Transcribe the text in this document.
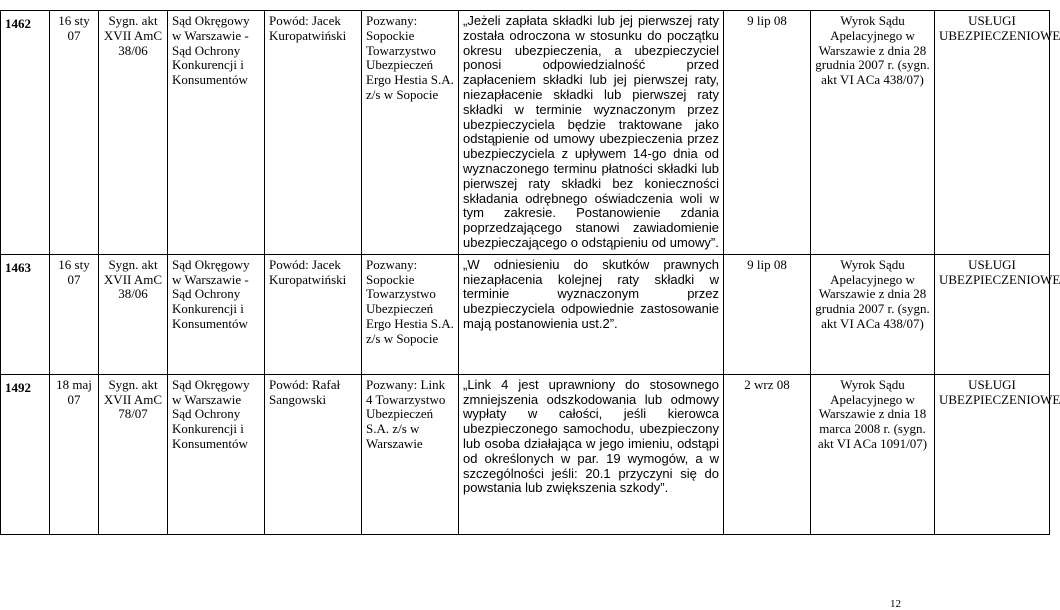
1462	16 sty 07	Sygn. akt XVII AmC 38/06	Sąd Okręgowy w Warszawie - Sąd Ochrony Konkurencji i Konsumentów	Powód: Jacek Kuropatwiński	Pozwany: Sopockie Towarzystwo Ubezpieczeń Ergo Hestia S.A. z/s w Sopocie	„Jeżeli zapłata składki lub jej pierwszej raty została odroczona w stosunku do początku okresu ubezpieczenia, a ubezpieczyciel ponosi odpowiedzialność przed zapłaceniem składki lub jej pierwszej raty, niezapłacenie składki lub pierwszej raty składki w terminie wyznaczonym przez ubezpieczyciela będzie traktowane jako odstąpienie od umowy ubezpieczenia przez ubezpieczyciela z upływem 14-go dnia od wyznaczonego terminu płatności składki lub pierwszej raty składki bez konieczności składania odrębnego oświadczenia woli w tym zakresie. Postanowienie zdania poprzedzającego stanowi zawiadomienie ubezpieczającego o odstąpieniu od umowy”.	9 lip 08	Wyrok Sądu Apelacyjnego w Warszawie z dnia 28 grudnia 2007 r. (sygn. akt VI ACa 438/07)	USŁUGI UBEZPIECZENIOWE
1463	16 sty 07	Sygn. akt XVII AmC 38/06	Sąd Okręgowy w Warszawie - Sąd Ochrony Konkurencji i Konsumentów	Powód: Jacek Kuropatwiński	Pozwany: Sopockie Towarzystwo Ubezpieczeń Ergo Hestia S.A. z/s w Sopocie	„W odniesieniu do skutków prawnych niezapłacenia kolejnej raty składki w terminie wyznaczonym przez ubezpieczyciela odpowiednie zastosowanie mają postanowienia ust.2”.	9 lip 08	Wyrok Sądu Apelacyjnego w Warszawie z dnia 28 grudnia 2007 r. (sygn. akt VI ACa 438/07)	USŁUGI UBEZPIECZENIOWE
1492	18 maj 07	Sygn. akt XVII AmC 78/07	Sąd Okręgowy w Warszawie Sąd Ochrony Konkurencji i Konsumentów	Powód: Rafał Sangowski	Pozwany: Link 4 Towarzystwo Ubezpieczeń S.A. z/s w Warszawie	„Link 4 jest uprawniony do stosownego zmniejszenia odszkodowania lub odmowy wypłaty w całości, jeśli kierowca ubezpieczonego samochodu, ubezpieczony lub osoba działająca w jego imieniu, odstąpi od określonych w par. 19 wymogów, a w szczególności jeśli: 20.1 przyczyni się do powstania lub zwiększenia szkody”.	2 wrz 08	Wyrok Sądu Apelacyjnego w Warszawie z dnia 18 marca 2008 r. (sygn. akt VI ACa 1091/07)	USŁUGI UBEZPIECZENIOWE
12
